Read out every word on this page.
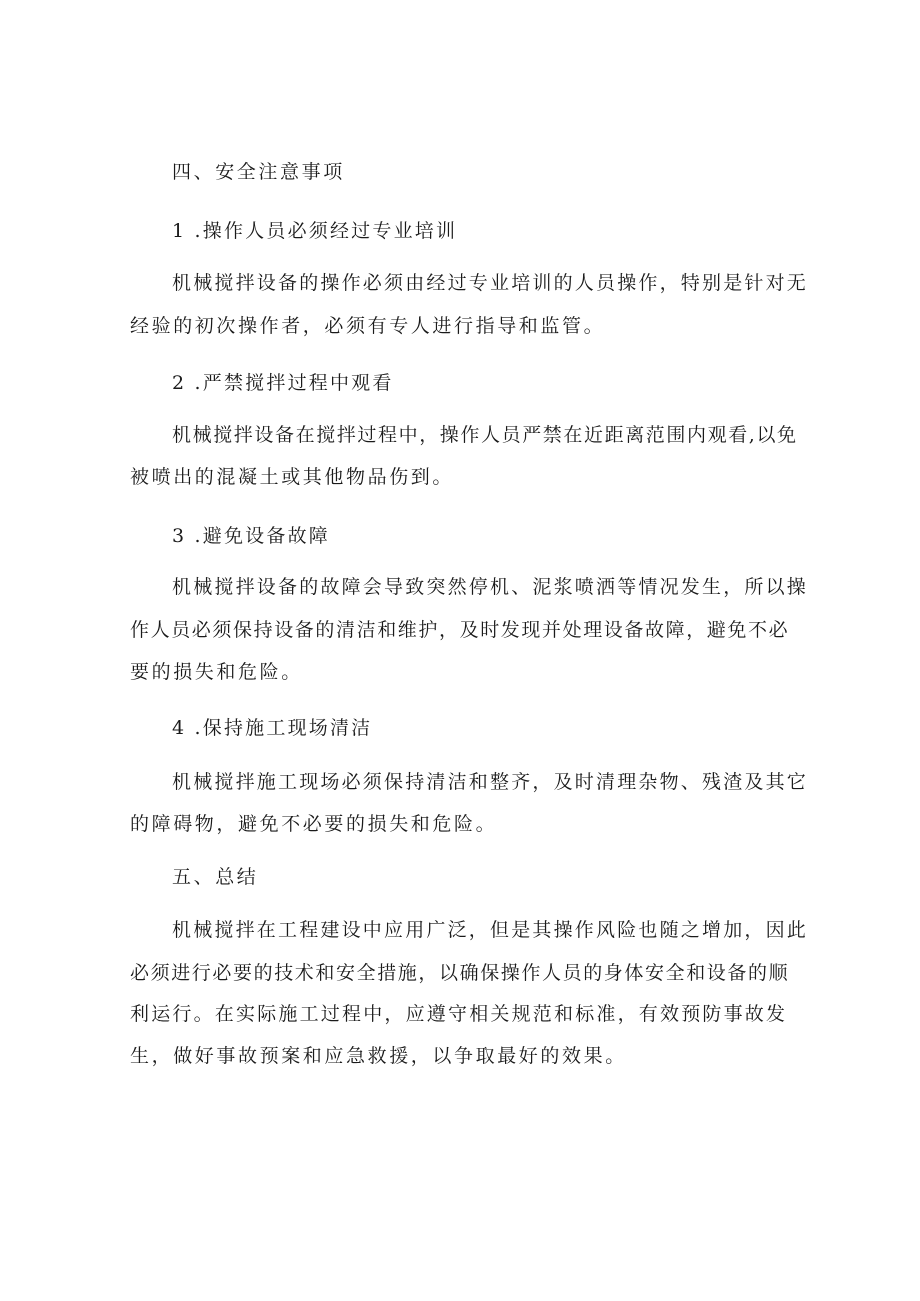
四、安全注意事项
1 .操作人员必须经过专业培训
机械搅拌设备的操作必须由经过专业培训的人员操作，特别是针对无
经验的初次操作者，必须有专人进行指导和监管。
2 .严禁搅拌过程中观看
机械搅拌设备在搅拌过程中，操作人员严禁在近距离范围内观看,以免
被喷出的混凝土或其他物品伤到。
3 .避免设备故障
机械搅拌设备的故障会导致突然停机、泥浆喷洒等情况发生，所以操
作人员必须保持设备的清洁和维护，及时发现并处理设备故障，避免不必
要的损失和危险。
4 .保持施工现场清洁
机械搅拌施工现场必须保持清洁和整齐，及时清理杂物、残渣及其它
的障碍物，避免不必要的损失和危险。
五、总结
机械搅拌在工程建设中应用广泛，但是其操作风险也随之增加，因此
必须进行必要的技术和安全措施，以确保操作人员的身体安全和设备的顺
利运行。在实际施工过程中，应遵守相关规范和标准，有效预防事故发
生，做好事故预案和应急救援，以争取最好的效果。
